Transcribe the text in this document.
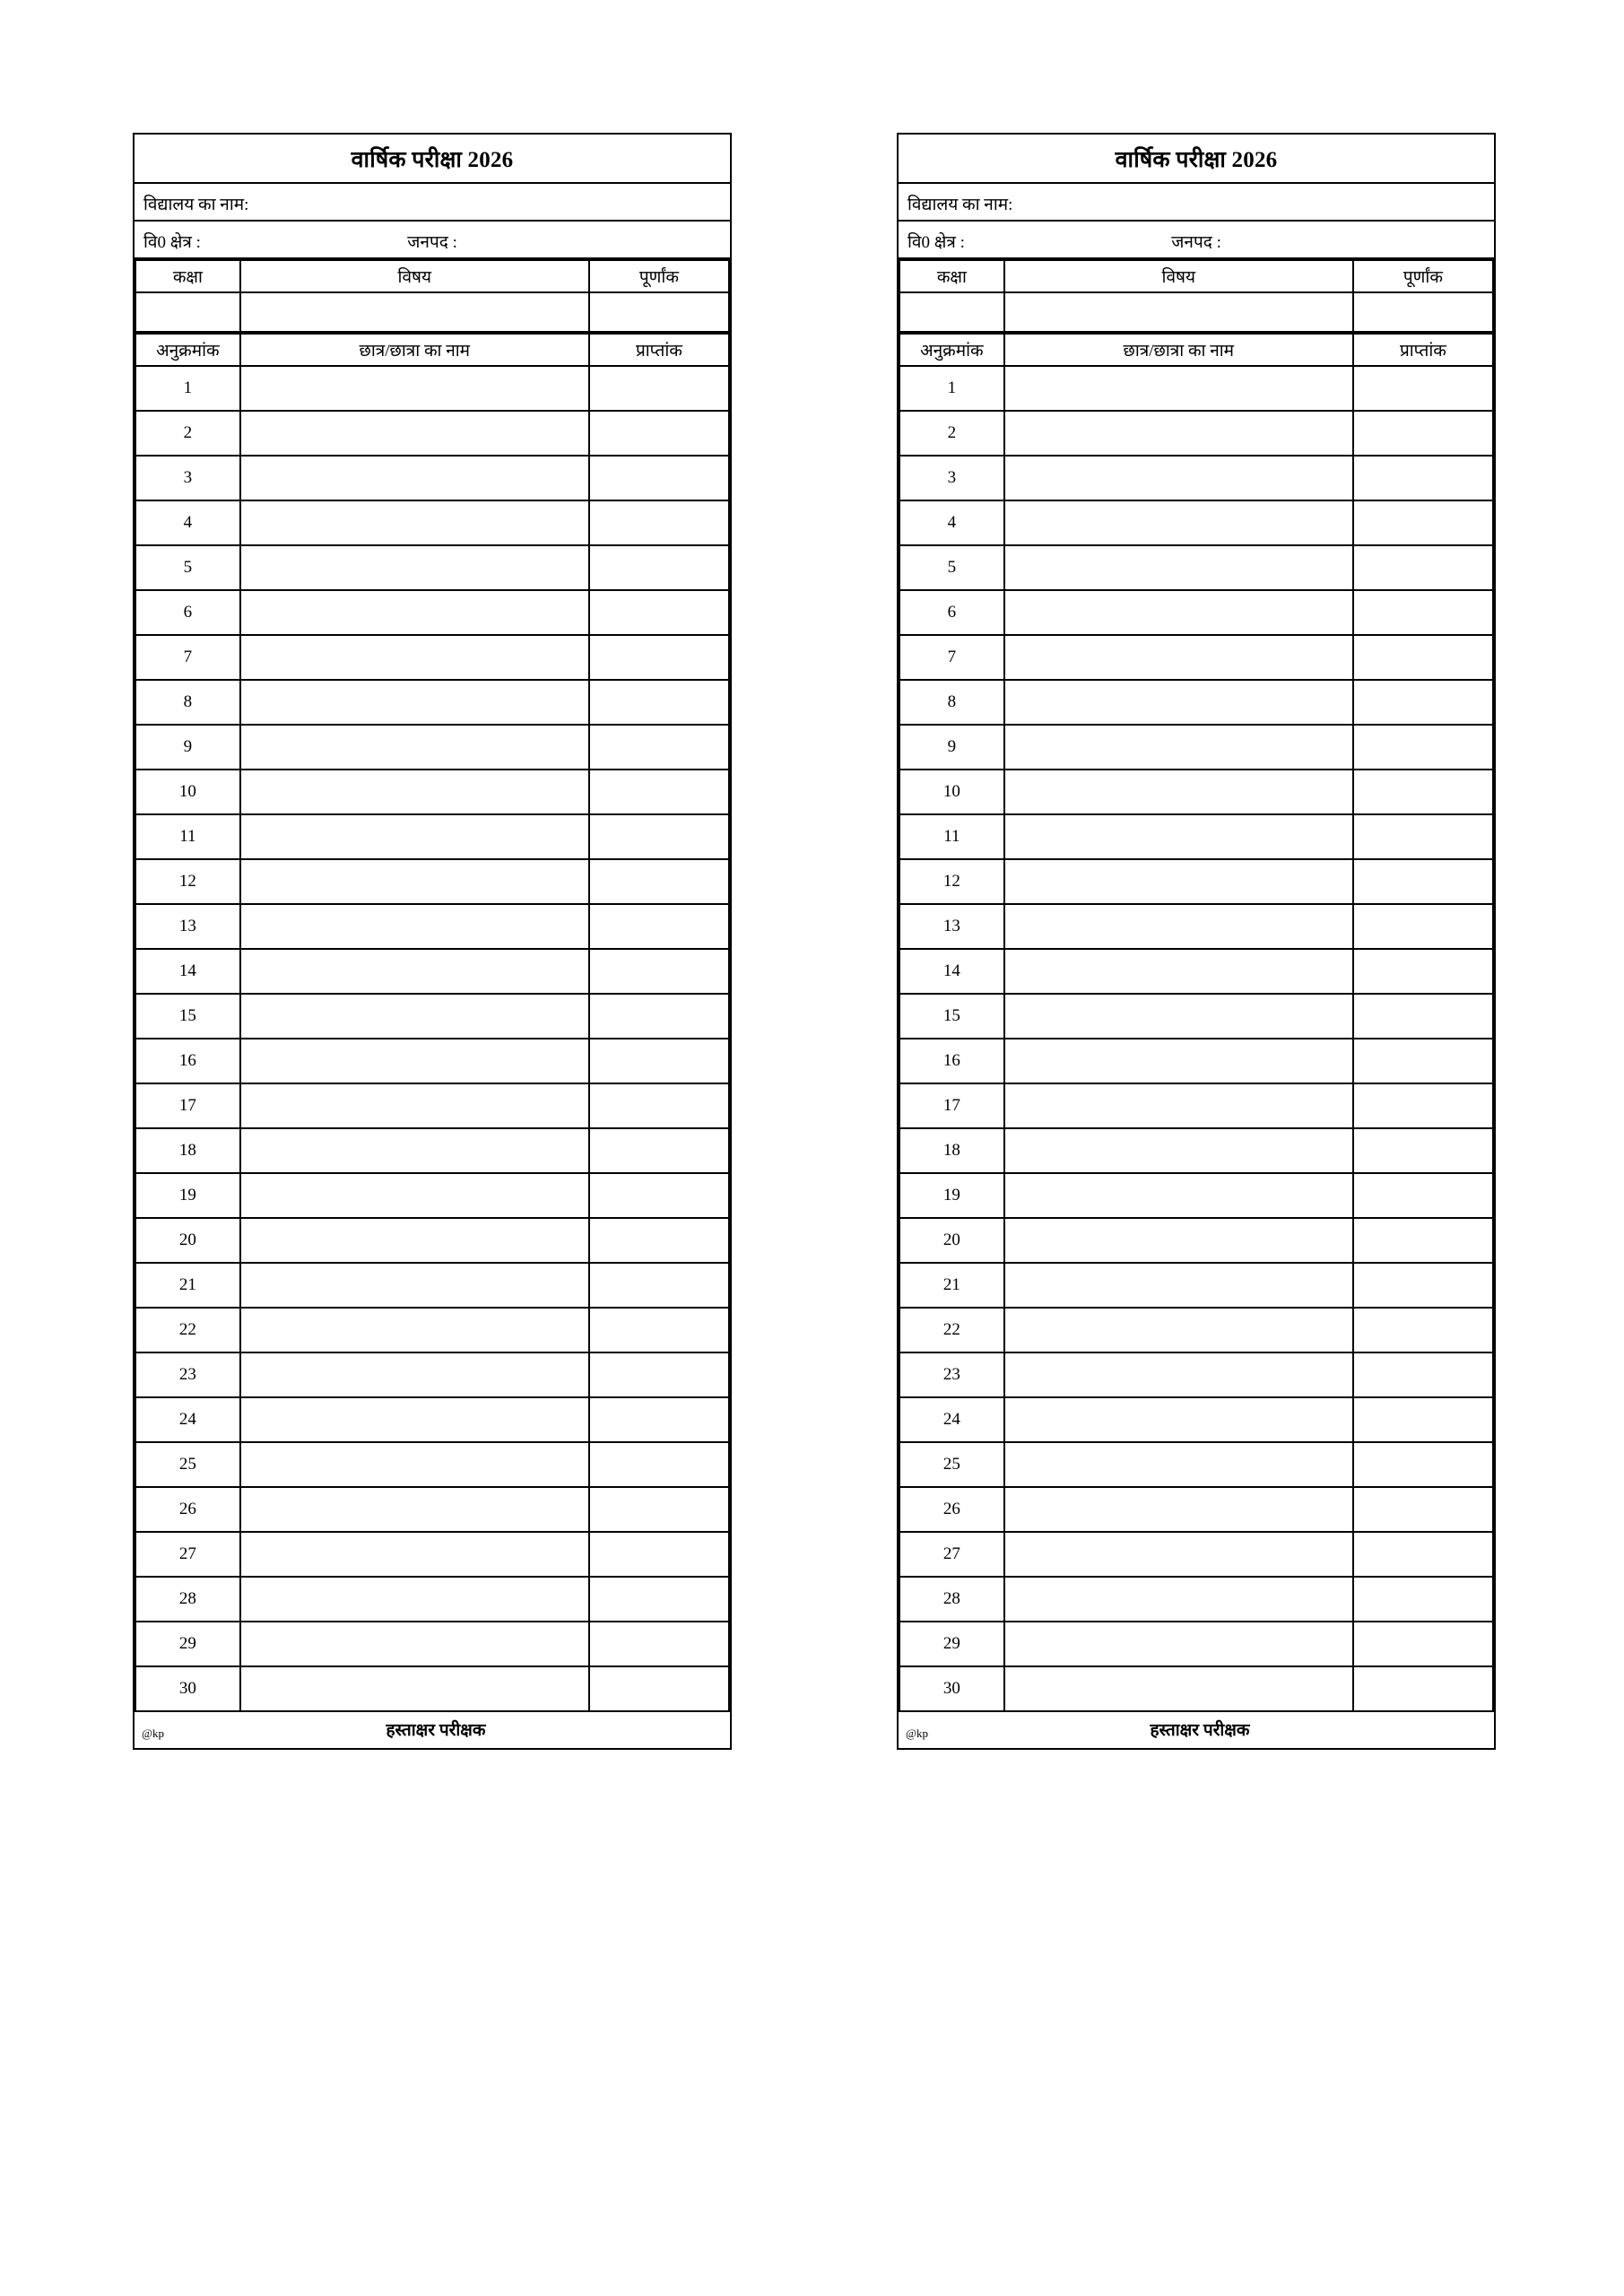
वार्षिक परीक्षा 2026
विद्यालय का नाम:
वि0 क्षेत्र :	जनपद :
कक्षा	विषय	पूर्णांक

अनुक्रमांक	छात्र/छात्रा का नाम	प्राप्तांक
1		
2		
3		
4		
5		
6		
7		
8		
9		
10		
11		
12		
13		
14		
15		
16		
17		
18		
19		
20		
21		
22		
23		
24		
25		
26		
27		
28		
29		
30		
@kp	हस्ताक्षर परीक्षक
वार्षिक परीक्षा 2026
विद्यालय का नाम:
वि0 क्षेत्र :	जनपद :
कक्षा	विषय	पूर्णांक

अनुक्रमांक	छात्र/छात्रा का नाम	प्राप्तांक
1		
2		
3		
4		
5		
6		
7		
8		
9		
10		
11		
12		
13		
14		
15		
16		
17		
18		
19		
20		
21		
22		
23		
24		
25		
26		
27		
28		
29		
30		
@kp	हस्ताक्षर परीक्षक
